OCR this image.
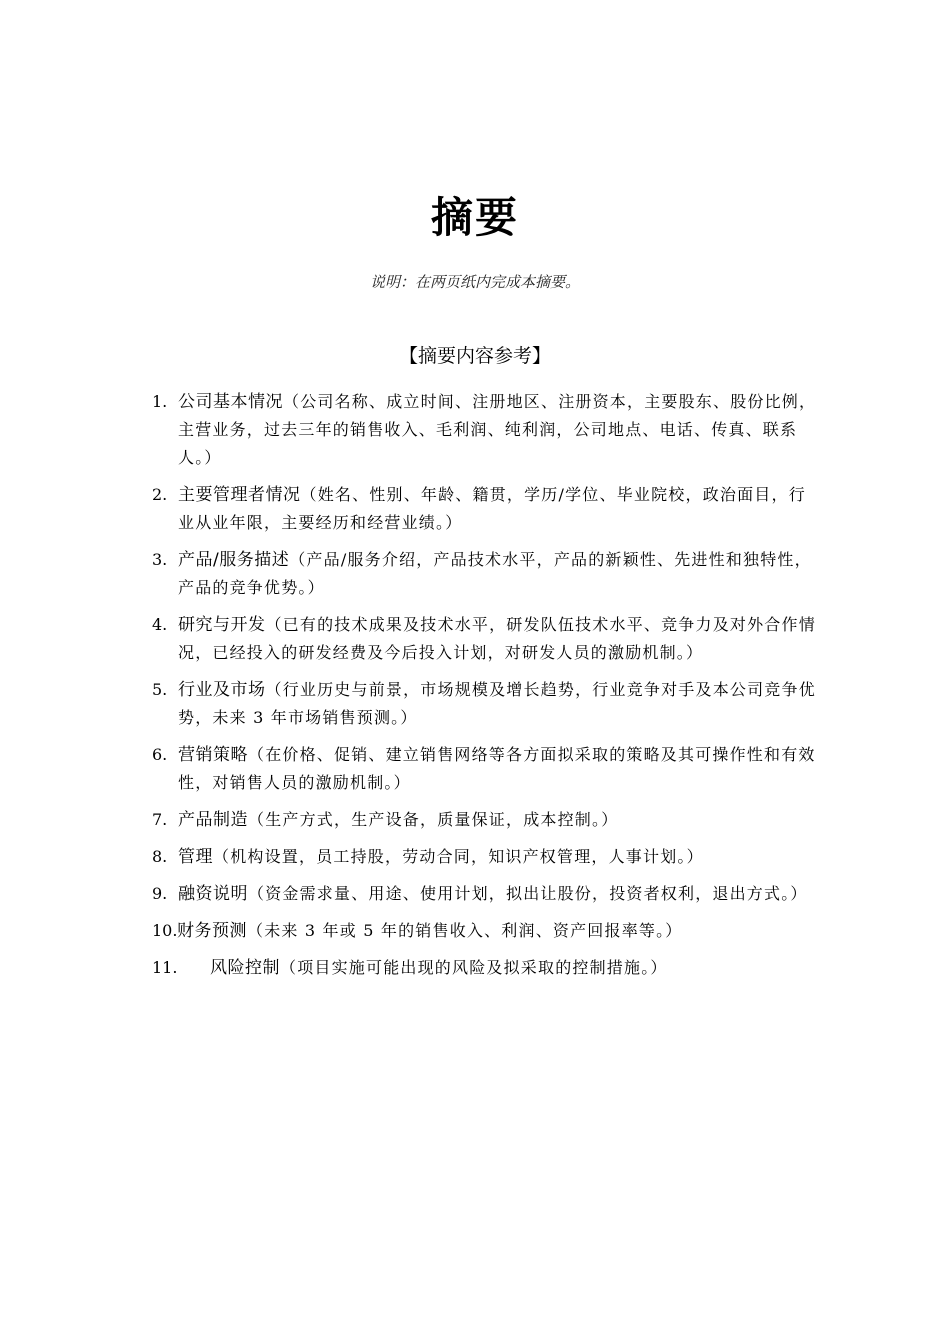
摘要
说明：在两页纸内完成本摘要。
【摘要内容参考】
1. 公司基本情况（公司名称、成立时间、注册地区、注册资本，主要股东、股份比例，主营业务，过去三年的销售收入、毛利润、纯利润，公司地点、电话、传真、联系人。）
2. 主要管理者情况（姓名、性别、年龄、籍贯，学历/学位、毕业院校，政治面目，行业从业年限，主要经历和经营业绩。）
3. 产品/服务描述（产品/服务介绍，产品技术水平，产品的新颖性、先进性和独特性，产品的竞争优势。）
4. 研究与开发（已有的技术成果及技术水平，研发队伍技术水平、竞争力及对外合作情况，已经投入的研发经费及今后投入计划，对研发人员的激励机制。）
5. 行业及市场（行业历史与前景，市场规模及增长趋势，行业竞争对手及本公司竞争优势，未来 3 年市场销售预测。）
6. 营销策略（在价格、促销、建立销售网络等各方面拟采取的策略及其可操作性和有效性，对销售人员的激励机制。）
7. 产品制造（生产方式，生产设备，质量保证，成本控制。）
8. 管理（机构设置，员工持股，劳动合同，知识产权管理，人事计划。）
9. 融资说明（资金需求量、用途、使用计划，拟出让股份，投资者权利，退出方式。）
10. 财务预测（未来 3 年或 5 年的销售收入、利润、资产回报率等。）
11. 风险控制（项目实施可能出现的风险及拟采取的控制措施。）
